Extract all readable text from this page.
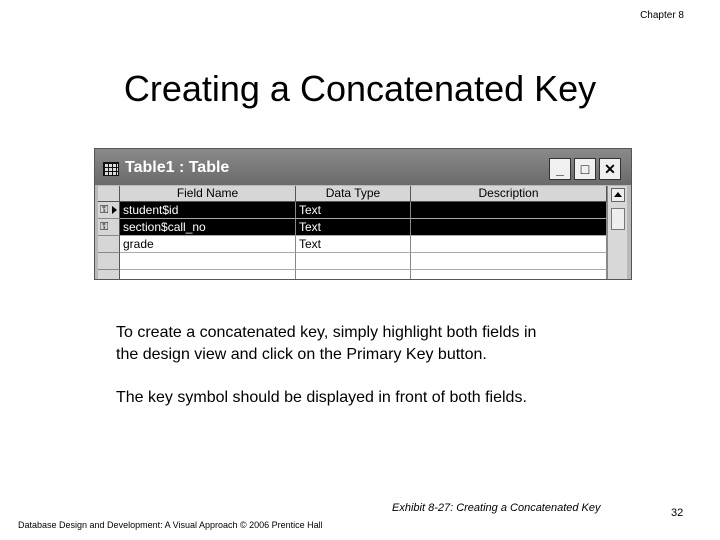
Chapter 8
Creating a Concatenated Key
Table1 : Table	_	□	✕
Field Name	Data Type	Description
⚿ student$id	Text
⚿ section$call_no	Text
grade	Text
To create a concatenated key, simply highlight both fields in
the design view and click on the Primary Key button.
The key symbol should be displayed in front of both fields.
Exhibit 8-27: Creating a Concatenated Key	32
Database Design and Development: A Visual Approach © 2006 Prentice Hall
